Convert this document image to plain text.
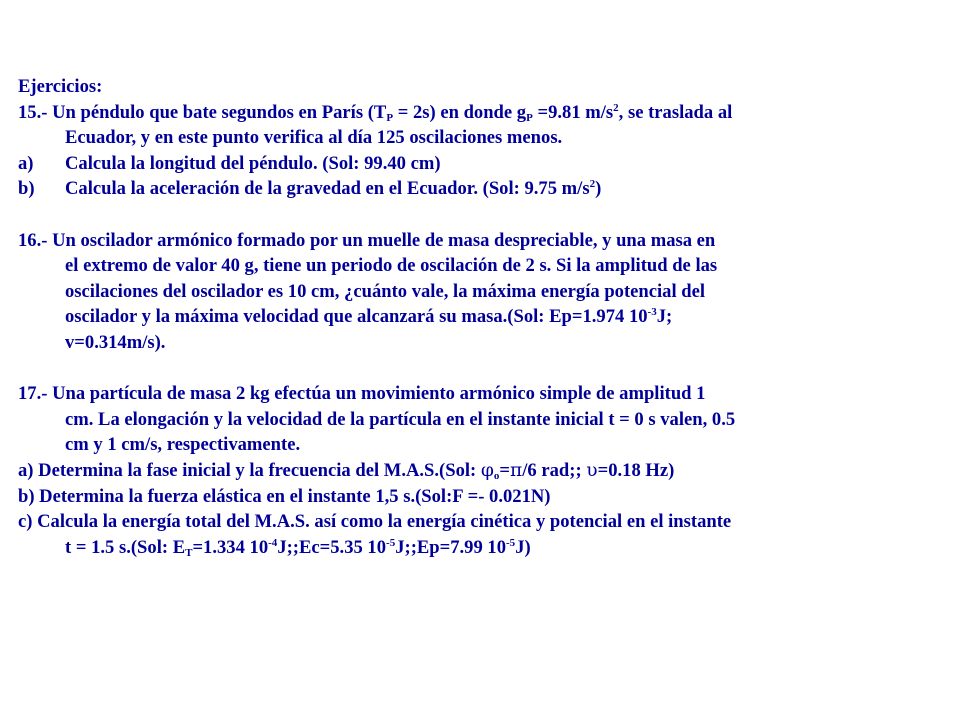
Ejercicios:
15.- Un péndulo que bate segundos en París $(T_P = 2s)$ en donde $g_P =9.81$ $m/s^2$, se traslada al
Ecuador, y en este punto verifica al día 125 oscilaciones menos.
a)	Calcula la longitud del péndulo. (Sol: 99.40 cm)
b)	Calcula la aceleración de la gravedad en el Ecuador. (Sol: 9.75 $m/s^2$)
16.- Un oscilador armónico formado por un muelle de masa despreciable, y una masa en
el extremo de valor 40 g, tiene un periodo de oscilación de 2 s. Si la amplitud de las
oscilaciones del oscilador es 10 cm, ¿cuánto vale, la máxima energía potencial del
oscilador y la máxima velocidad que alcanzará su masa.(Sol: Ep=1.974 $10^{-3}J$;
v=0.314m/s).
17.- Una partícula de masa 2 kg efectúa un movimiento armónico simple de amplitud 1
cm. La elongación y la velocidad de la partícula en el instante inicial t = 0 s valen, 0.5
cm y 1 cm/s, respectivamente.
a) Determina la fase inicial y la frecuencia del M.A.S.(Sol: $\varphi_o=\pi/6$ rad;; υ=0.18 Hz)
b) Determina la fuerza elástica en el instante 1,5 s.(Sol:F =- 0.021N)
c) Calcula la energía total del M.A.S. así como la energía cinética y potencial en el instante
t = 1.5 s.(Sol: $E_T=1.334$ $10^{-4}J;;Ec=5.35$ $10^{-5}J;;Ep=7.99$ $10^{-5}J$)
